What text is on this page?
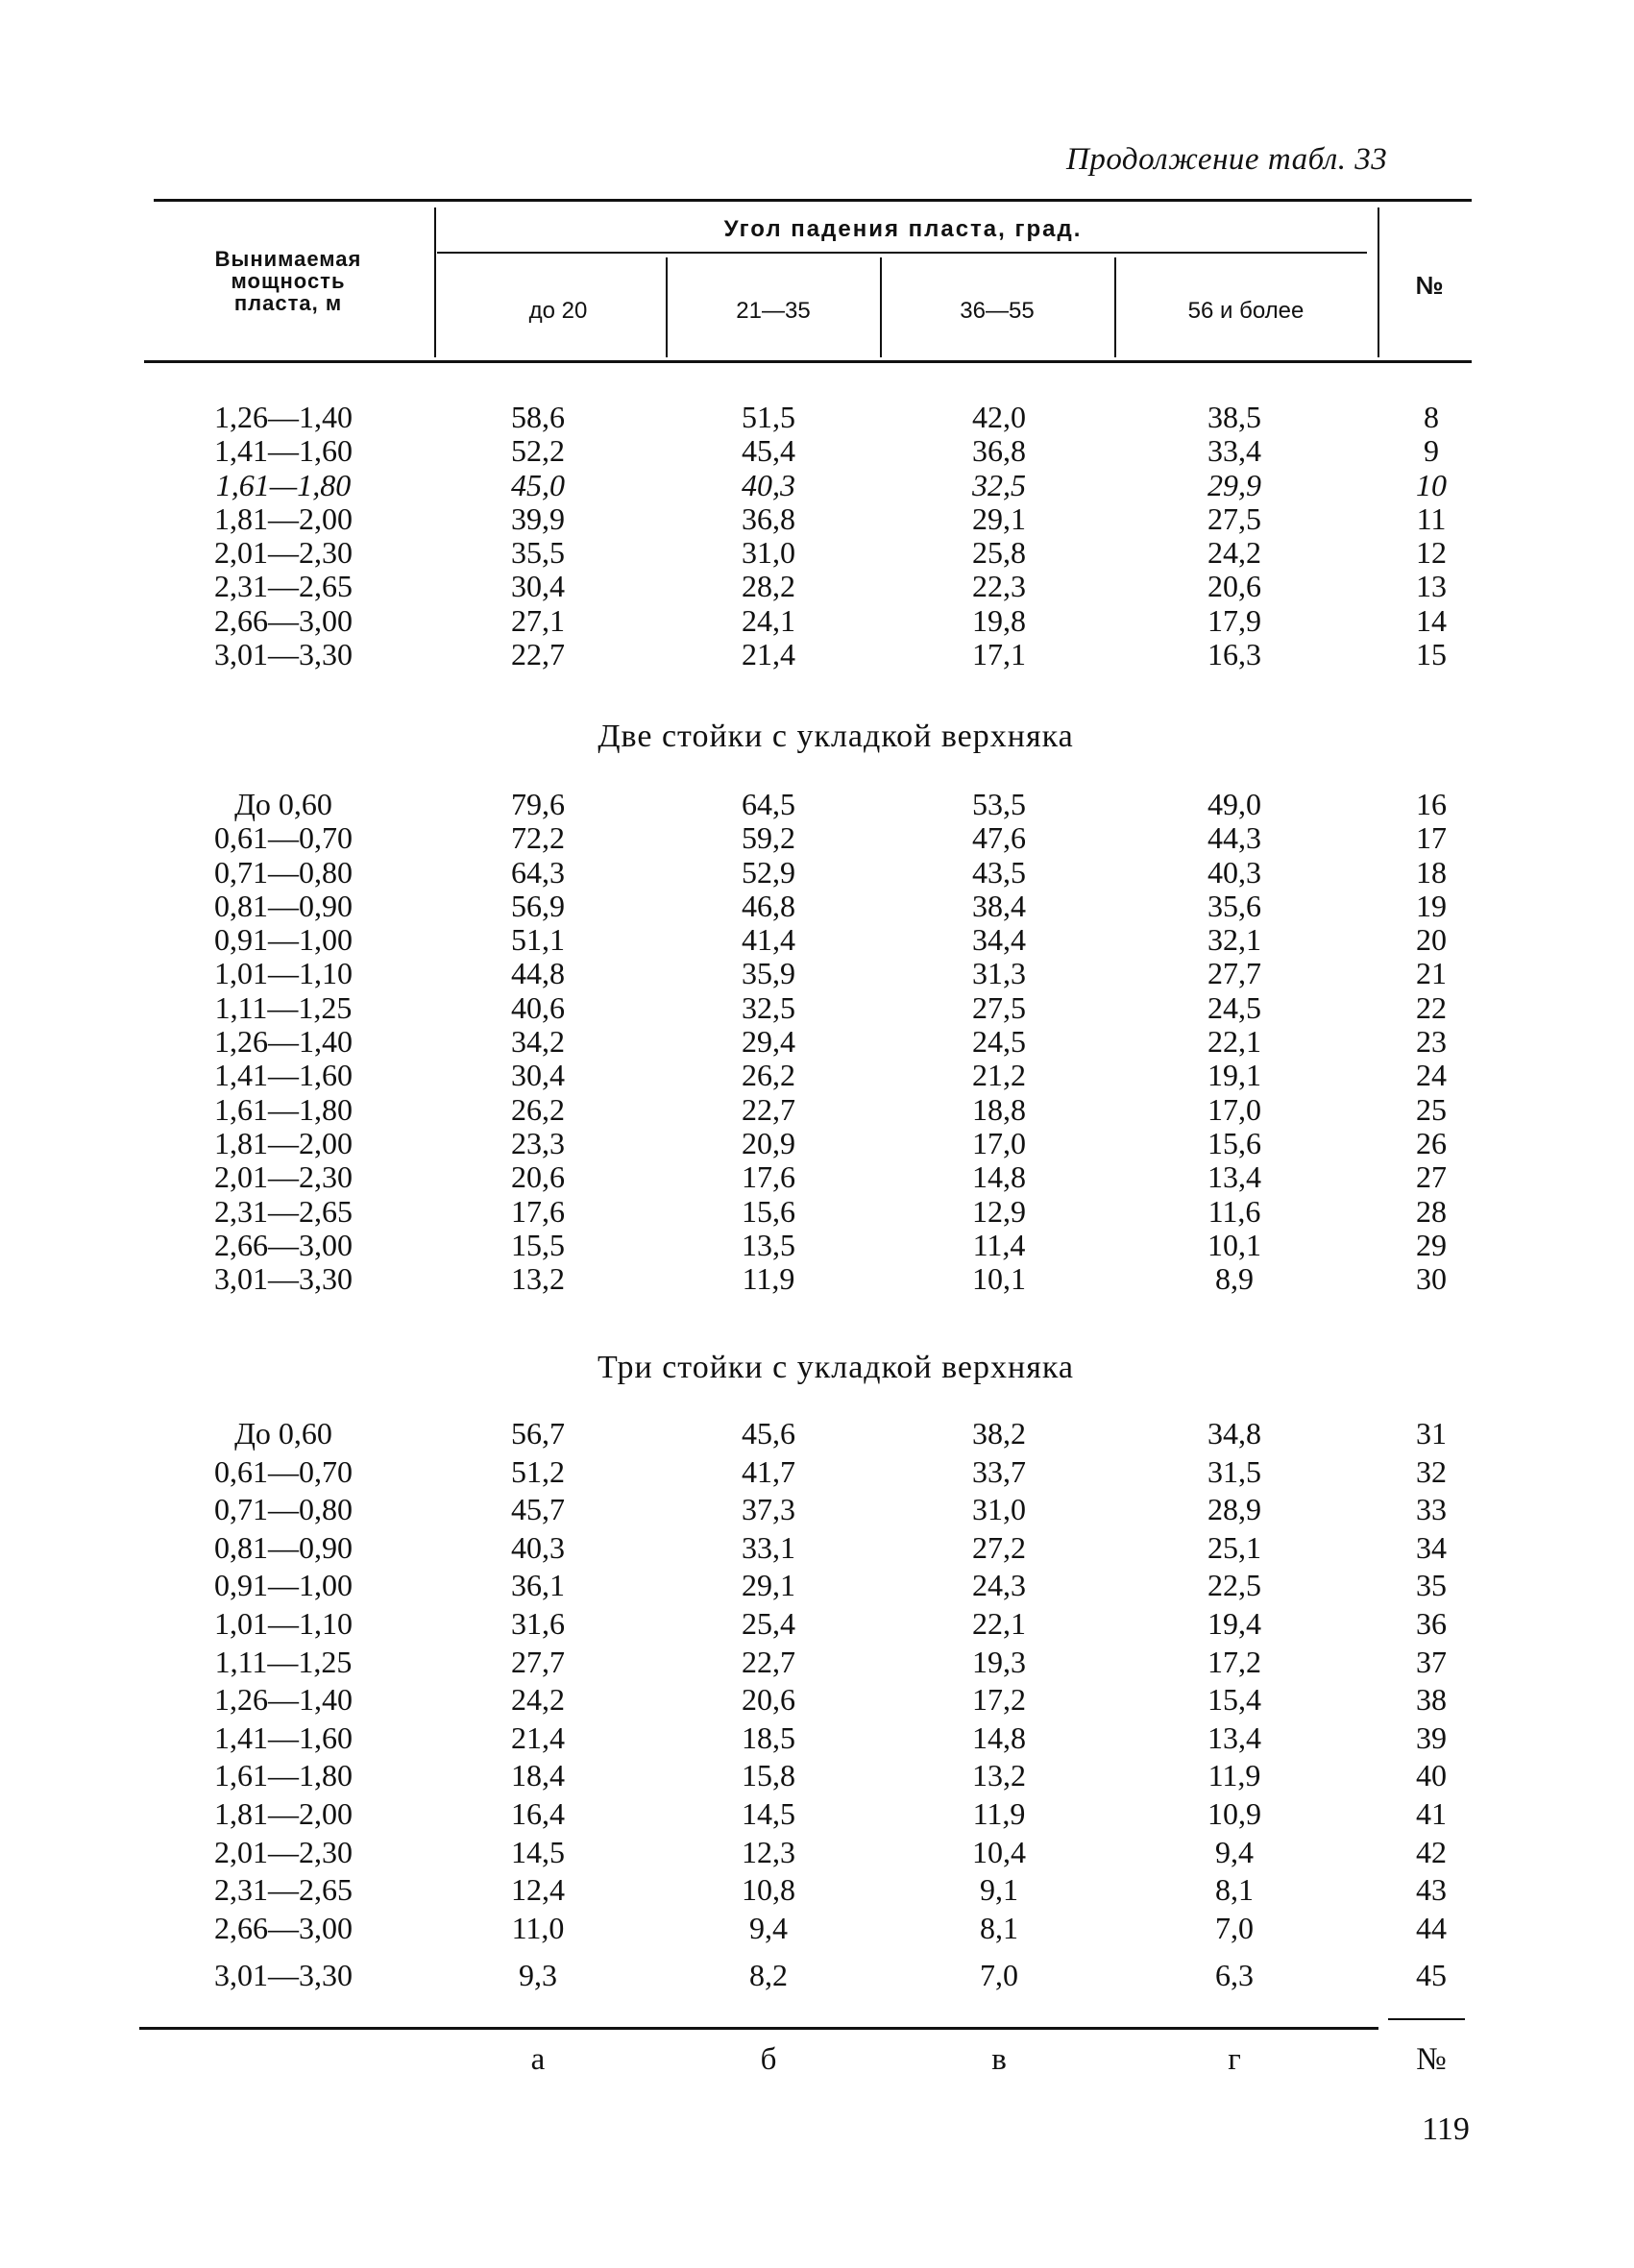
Продолжение табл. 33
Вынимаемая
мощность
пласта, м
Угол падения пласта, град.
до 20	21—35	36—55	56 и более
№
1,26—1,40	58,6	51,5	42,0	38,5	8
1,41—1,60	52,2	45,4	36,8	33,4	9
1,61—1,80	45,0	40,3	32,5	29,9	10
1,81—2,00	39,9	36,8	29,1	27,5	11
2,01—2,30	35,5	31,0	25,8	24,2	12
2,31—2,65	30,4	28,2	22,3	20,6	13
2,66—3,00	27,1	24,1	19,8	17,9	14
3,01—3,30	22,7	21,4	17,1	16,3	15
Две стойки с укладкой верхняка
До 0,60	79,6	64,5	53,5	49,0	16
0,61—0,70	72,2	59,2	47,6	44,3	17
0,71—0,80	64,3	52,9	43,5	40,3	18
0,81—0,90	56,9	46,8	38,4	35,6	19
0,91—1,00	51,1	41,4	34,4	32,1	20
1,01—1,10	44,8	35,9	31,3	27,7	21
1,11—1,25	40,6	32,5	27,5	24,5	22
1,26—1,40	34,2	29,4	24,5	22,1	23
1,41—1,60	30,4	26,2	21,2	19,1	24
1,61—1,80	26,2	22,7	18,8	17,0	25
1,81—2,00	23,3	20,9	17,0	15,6	26
2,01—2,30	20,6	17,6	14,8	13,4	27
2,31—2,65	17,6	15,6	12,9	11,6	28
2,66—3,00	15,5	13,5	11,4	10,1	29
3,01—3,30	13,2	11,9	10,1	8,9	30
Три стойки с укладкой верхняка
До 0,60	56,7	45,6	38,2	34,8	31
0,61—0,70	51,2	41,7	33,7	31,5	32
0,71—0,80	45,7	37,3	31,0	28,9	33
0,81—0,90	40,3	33,1	27,2	25,1	34
0,91—1,00	36,1	29,1	24,3	22,5	35
1,01—1,10	31,6	25,4	22,1	19,4	36
1,11—1,25	27,7	22,7	19,3	17,2	37
1,26—1,40	24,2	20,6	17,2	15,4	38
1,41—1,60	21,4	18,5	14,8	13,4	39
1,61—1,80	18,4	15,8	13,2	11,9	40
1,81—2,00	16,4	14,5	11,9	10,9	41
2,01—2,30	14,5	12,3	10,4	9,4	42
2,31—2,65	12,4	10,8	9,1	8,1	43
2,66—3,00	11,0	9,4	8,1	7,0	44
3,01—3,30	9,3	8,2	7,0	6,3	45
а	б	в	г	№
119
